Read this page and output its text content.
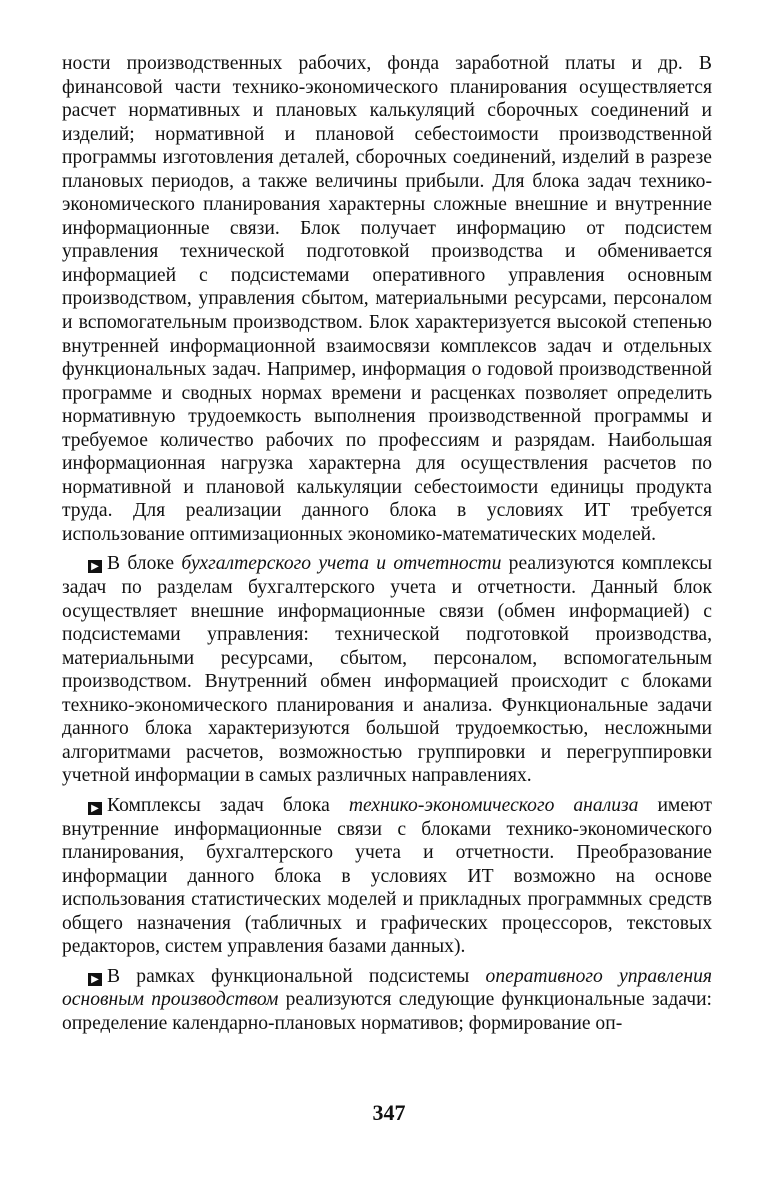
ности производственных рабочих, фонда заработной платы и др. В финансовой части технико-экономического планирования осуществляется расчет нормативных и плановых калькуляций сборочных соединений и изделий; нормативной и плановой себестоимости производственной программы изготовления деталей, сборочных соединений, изделий в разрезе плановых периодов, а также величины прибыли. Для блока задач технико-экономического планирования характерны сложные внешние и внутренние информационные связи. Блок получает информацию от подсистем управления технической подготовкой производства и обменивается информацией с подсистемами оперативного управления основным производством, управления сбытом, материальными ресурсами, персоналом и вспомогательным производством. Блок характеризуется высокой степенью внутренней информационной взаимосвязи комплексов задач и отдельных функциональных задач. Например, информация о годовой производственной программе и сводных нормах времени и расценках позволяет определить нормативную трудоемкость выполнения производственной программы и требуемое количество рабочих по профессиям и разрядам. Наибольшая информационная нагрузка характерна для осуществления расчетов по нормативной и плановой калькуляции себестоимости единицы продукта труда. Для реализации данного блока в условиях ИТ требуется использование оптимизационных экономико-математических моделей.

▶ В блоке бухгалтерского учета и отчетности реализуются комплексы задач по разделам бухгалтерского учета и отчетности. Данный блок осуществляет внешние информационные связи (обмен информацией) с подсистемами управления: технической подготовкой производства, материальными ресурсами, сбытом, персоналом, вспомогательным производством. Внутренний обмен информацией происходит с блоками технико-экономического планирования и анализа. Функциональные задачи данного блока характеризуются большой трудоемкостью, несложными алгоритмами расчетов, возможностью группировки и перегруппировки учетной информации в самых различных направлениях.

▶ Комплексы задач блока технико-экономического анализа имеют внутренние информационные связи с блоками технико-экономического планирования, бухгалтерского учета и отчетности. Преобразование информации данного блока в условиях ИТ возможно на основе использования статистических моделей и прикладных программных средств общего назначения (табличных и графических процессоров, текстовых редакторов, систем управления базами данных).

▶ В рамках функциональной подсистемы оперативного управления основным производством реализуются следующие функциональные задачи: определение календарно-плановых нормативов; формирование оп-

347
